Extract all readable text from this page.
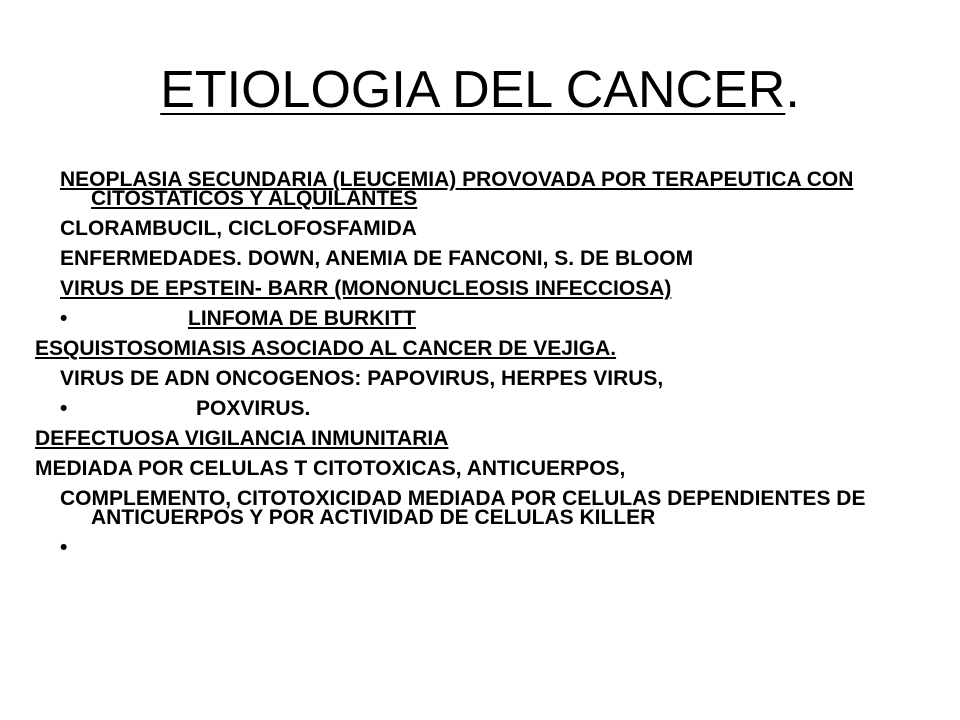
ETIOLOGIA DEL CANCER.

NEOPLASIA SECUNDARIA (LEUCEMIA) PROVOVADA POR TERAPEUTICA CON CITOSTATICOS Y ALQUILANTES

CLORAMBUCIL, CICLOFOSFAMIDA

ENFERMEDADES. DOWN, ANEMIA DE FANCONI, S. DE BLOOM

VIRUS DE EPSTEIN- BARR (MONONUCLEOSIS INFECCIOSA)

•	LINFOMA DE BURKITT

ESQUISTOSOMIASIS ASOCIADO AL CANCER DE VEJIGA.

VIRUS DE ADN ONCOGENOS: PAPOVIRUS, HERPES VIRUS,

•	POXVIRUS.

DEFECTUOSA VIGILANCIA INMUNITARIA

MEDIADA POR CELULAS T CITOTOXICAS, ANTICUERPOS,

COMPLEMENTO, CITOTOXICIDAD MEDIADA POR CELULAS DEPENDIENTES DE ANTICUERPOS Y POR ACTIVIDAD DE CELULAS KILLER

•
